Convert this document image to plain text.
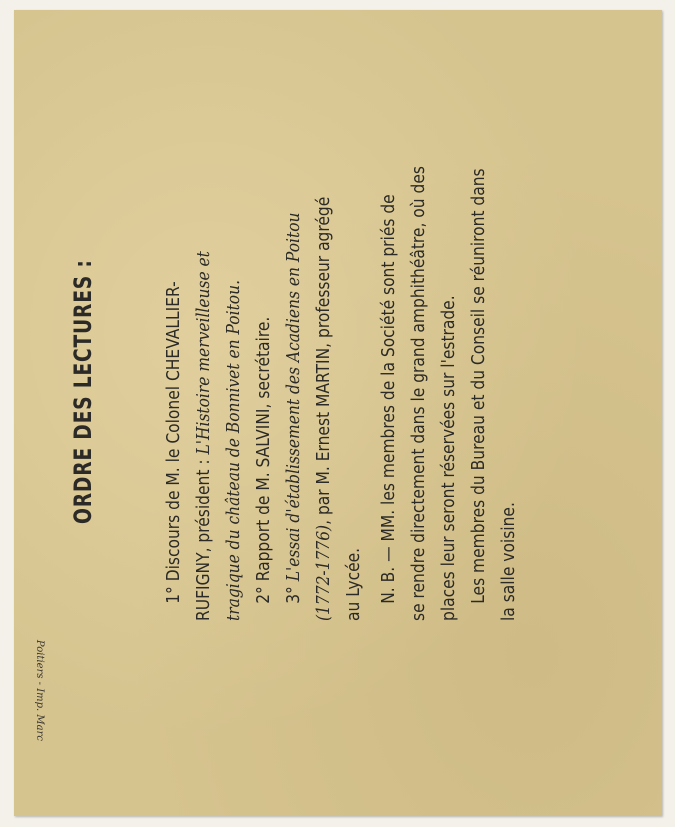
ORDRE DES LECTURES :	1° Discours de M. le Colonel CHEVALLIER- RUFIGNY, président : L'Histoire merveilleuse et tragique du château de Bonnivet en Poitou. 2° Rapport de M. SALVINI, secrétaire. 3° L'essai d'établissement des Acadiens en Poitou (1772-1776), par M. Ernest MARTIN, professeur agrégé

au Lycée. N. B. — MM. les membres de la Société sont priés de se rendre directement dans le grand amphithéâtre, où des places leur seront réservées sur l'estrade. Les membres du Bureau et du Conseil se réuniront dans la salle voisine.

Poitiers - Imp. Marc
